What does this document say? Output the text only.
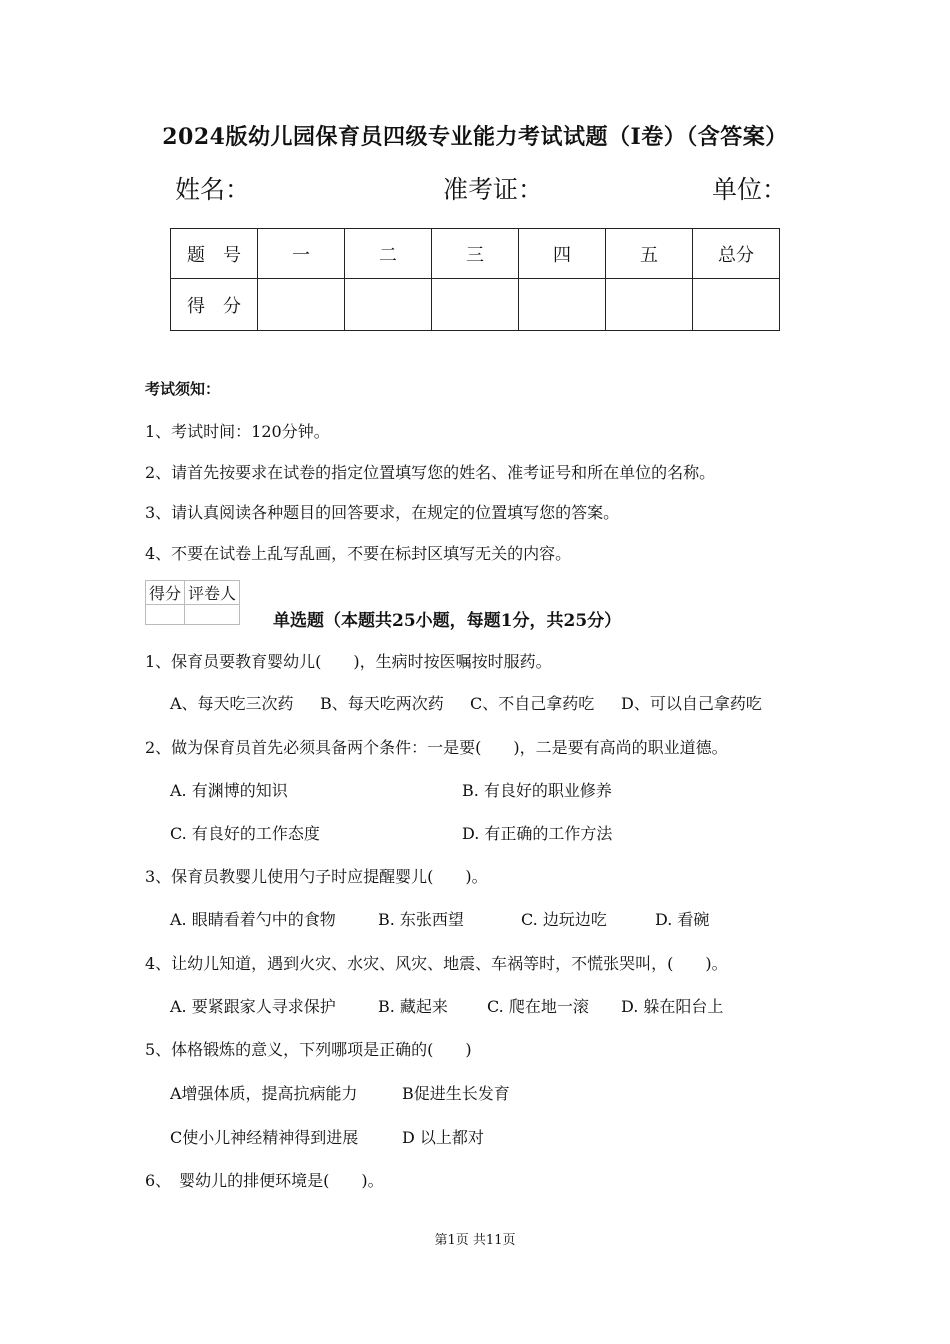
2024版幼儿园保育员四级专业能力考试试题（I卷）（含答案）
姓名：	准考证：	单位：
题　号	一	二	三	四	五	总分
得　分						
考试须知：
1、考试时间：120分钟。
2、请首先按要求在试卷的指定位置填写您的姓名、准考证号和所在单位的名称。
3、请认真阅读各种题目的回答要求，在规定的位置填写您的答案。
4、不要在试卷上乱写乱画，不要在标封区填写无关的内容。
得分	评卷人

单选题（本题共25小题，每题1分，共25分）
1、保育员要教育婴幼儿(　　)，生病时按医嘱按时服药。
A、每天吃三次药 B、每天吃两次药 C、不自己拿药吃 D、可以自己拿药吃
2、做为保育员首先必须具备两个条件：一是要(　　)，二是要有高尚的职业道德。
A. 有渊博的知识	B. 有良好的职业修养
C. 有良好的工作态度	D. 有正确的工作方法
3、保育员教婴儿使用勺子时应提醒婴儿(　　)。
A. 眼睛看着勺中的食物	B. 东张西望	C. 边玩边吃	D. 看碗
4、让幼儿知道，遇到火灾、水灾、风灾、地震、车祸等时，不慌张哭叫，(　　)。
A. 要紧跟家人寻求保护	B. 藏起来 C. 爬在地一滚 D. 躲在阳台上
5、体格锻炼的意义，下列哪项是正确的(　　)
A增强体质，提高抗病能力	B促进生长发育
C使小儿神经精神得到进展	D 以上都对
6、　婴幼儿的排便环境是(　　)。
第1页 共11页
